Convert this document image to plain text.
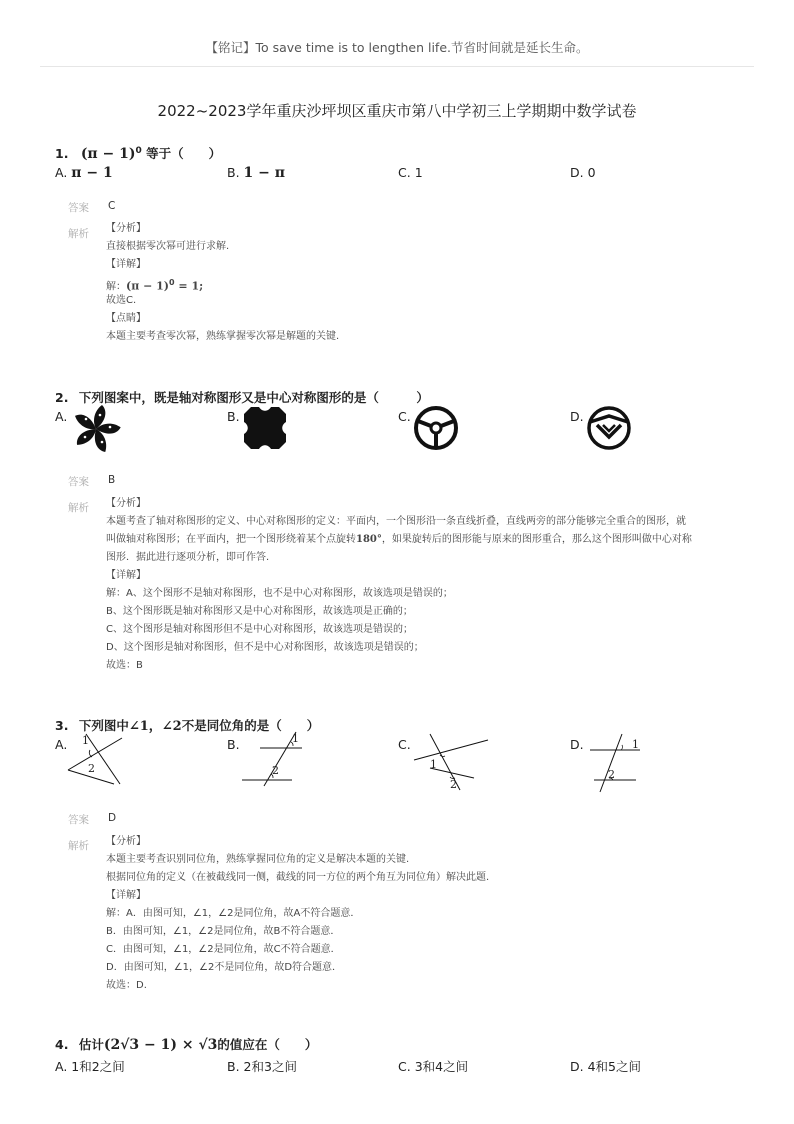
【铭记】To save time is to lengthen life.节省时间就是延长生命。
2022~2023学年重庆沙坪坝区重庆市第八中学初三上学期期中数学试卷
1. $(\pi - 1)^0$ 等于（　　）
A. π − 1	B. 1 − π	C. 1	D. 0
答案 C
解析 【分析】
直接根据零次幂可进行求解.
【详解】
解：$(\pi - 1)^0 = 1$;
故选C.
【点睛】
本题主要考查零次幂，熟练掌握零次幂是解题的关键.
2. 下列图案中，既是轴对称图形又是中心对称图形的是（　　　）
A.	B.	C.	D.
答案 B
解析 【分析】
本题考查了轴对称图形的定义、中心对称图形的定义：平面内，一个图形沿一条直线折叠，直线两旁的部分能够完全重合的图形，就
叫做轴对称图形；在平面内，把一个图形绕着某个点旋转180°，如果旋转后的图形能与原来的图形重合，那么这个图形叫做中心对称
图形．据此进行逐项分析，即可作答.
【详解】
解：A、这个图形不是轴对称图形，也不是中心对称图形，故该选项是错误的；
B、这个图形既是轴对称图形又是中心对称图形，故该选项是正确的；
C、这个图形是轴对称图形但不是中心对称图形，故该选项是错误的；
D、这个图形是轴对称图形，但不是中心对称图形，故该选项是错误的；
故选：B
3. 下列图中∠1，∠2不是同位角的是（　　）
A. 1
2
B.	1
2
C.
1
2
D.	1
2
答案 D
解析 【分析】
本题主要考查识别同位角，熟练掌握同位角的定义是解决本题的关键.
根据同位角的定义（在被截线同一侧，截线的同一方位的两个角互为同位角）解决此题.
【详解】
解：A．由图可知，∠1，∠2是同位角，故A不符合题意．
B．由图可知，∠1，∠2是同位角，故B不符合题意．
C．由图可知，∠1，∠2是同位角，故C不符合题意．
D．由图可知，∠1，∠2不是同位角，故D符合题意．
故选：D.
4. 估计(2√3 − 1) × √3的值应在（　　）
A. 1和2之间	B. 2和3之间	C. 3和4之间	D. 4和5之间
